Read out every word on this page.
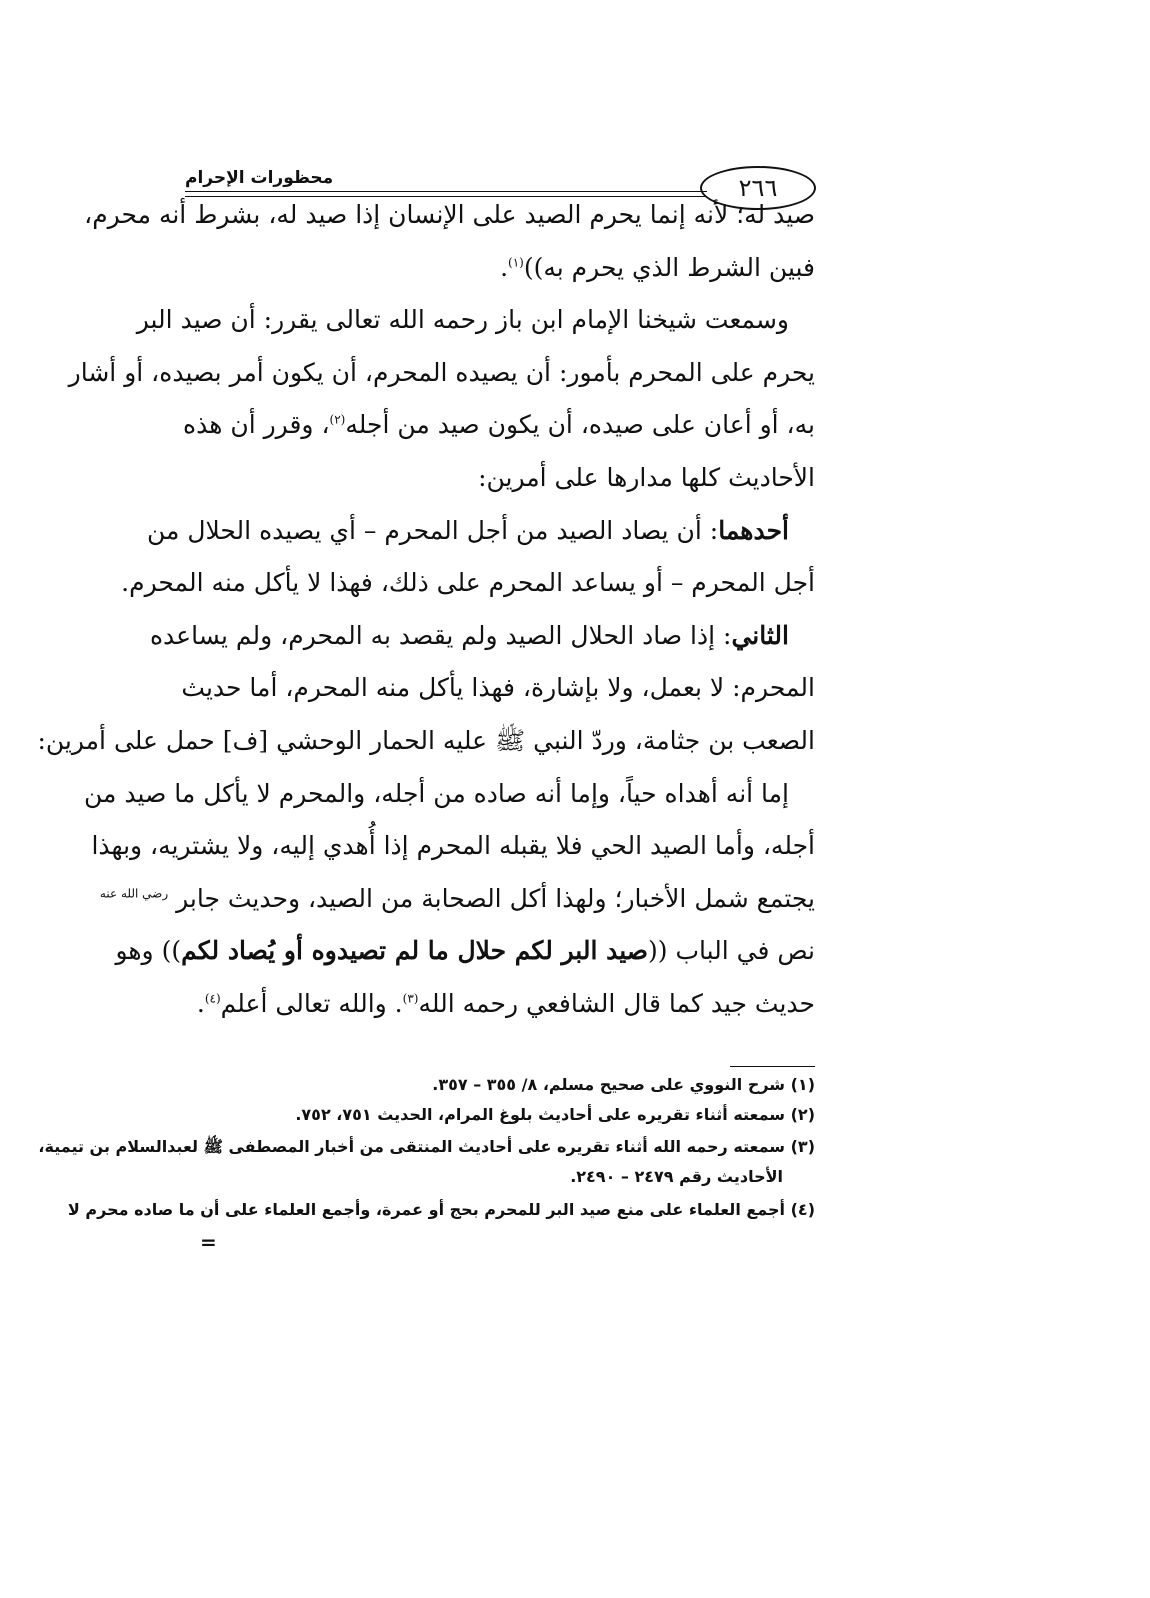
محظورات الإحرام	٢٦٦
صيد له؛ لأنه إنما يحرم الصيد على الإنسان إذا صيد له، بشرط أنه محرم،
فبين الشرط الذي يحرم به))$^{(١)}$.
وسمعت شيخنا الإمام ابن باز رحمه الله تعالى يقرر: أن صيد البر
يحرم على المحرم بأمور: أن يصيده المحرم، أن يكون أمر بصيده، أو أشار
به، أو أعان على صيده، أن يكون صيد من أجله$^{(٢)}$، وقرر أن هذه
الأحاديث كلها مدارها على أمرين:
أحدهما: أن يصاد الصيد من أجل المحرم – أي يصيده الحلال من
أجل المحرم – أو يساعد المحرم على ذلك، فهذا لا يأكل منه المحرم.
الثاني: إذا صاد الحلال الصيد ولم يقصد به المحرم، ولم يساعده
المحرم: لا بعمل، ولا بإشارة، فهذا يأكل منه المحرم، أما حديث
الصعب بن جثامة، وردّ النبي ﷺ عليه الحمار الوحشي [ف] حمل على أمرين:
إما أنه أهداه حياً، وإما أنه صاده من أجله، والمحرم لا يأكل ما صيد من
أجله، وأما الصيد الحي فلا يقبله المحرم إذا أُهدي إليه، ولا يشتريه، وبهذا
يجتمع شمل الأخبار؛ ولهذا أكل الصحابة من الصيد، وحديث جابر $^{رضي الله عنه}$
نص في الباب ((صيد البر لكم حلال ما لم تصيدوه أو يُصاد لكم)) وهو
حديث جيد كما قال الشافعي رحمه الله$^{(٣)}$. والله تعالى أعلم$^{(٤)}$.
(١) شرح النووي على صحيح مسلم، ٨/ ٣٥٥ – ٣٥٧.
(٢) سمعته أثناء تقريره على أحاديث بلوغ المرام، الحديث ٧٥١، ٧٥٢.
(٣) سمعته رحمه الله أثناء تقريره على أحاديث المنتقى من أخبار المصطفى ﷺ لعبدالسلام بن تيمية،
الأحاديث رقم ٢٤٧٩ – ٢٤٩٠.
(٤) أجمع العلماء على منع صيد البر للمحرم بحج أو عمرة، وأجمع العلماء على أن ما صاده محرم لا
=
